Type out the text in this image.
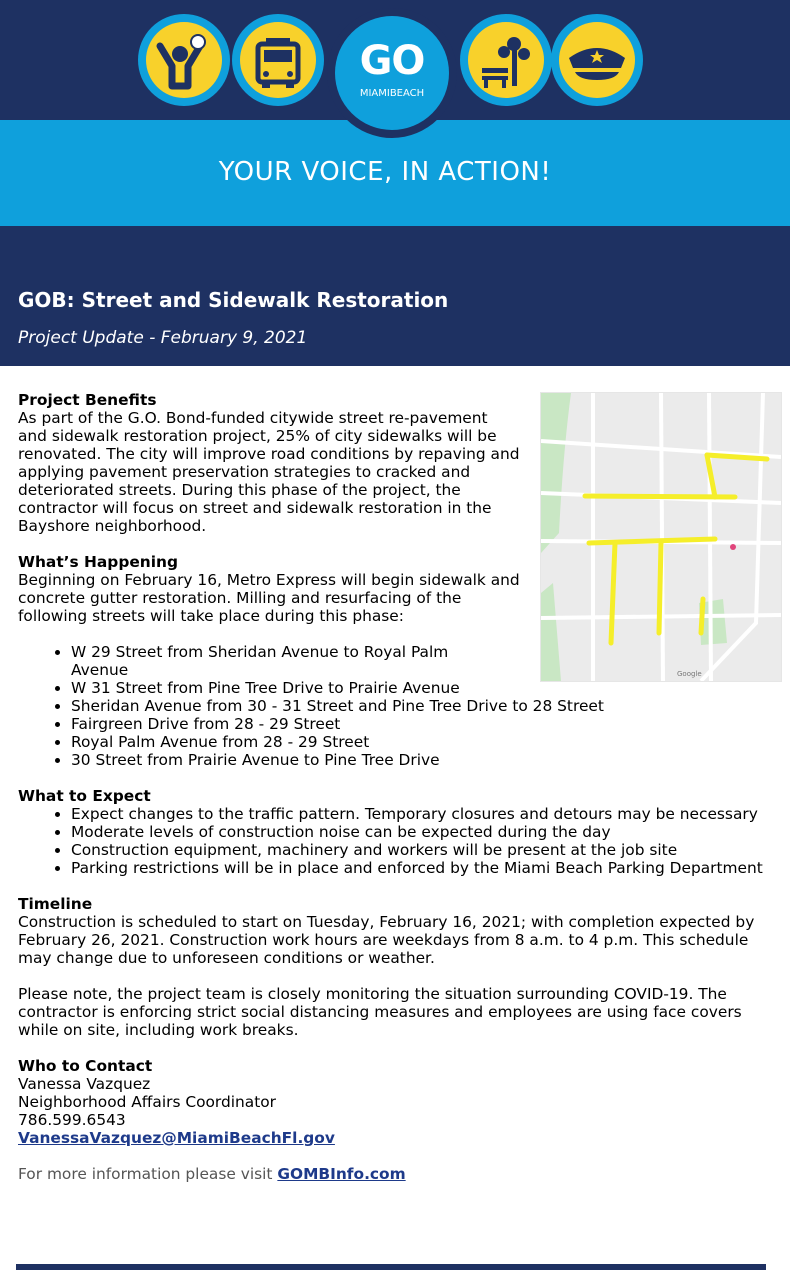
GO
MIAMIBEACH
YOUR VOICE, IN ACTION!
GOB: Street and Sidewalk Restoration

Project Update - February 9, 2021

Google

Project Benefits

As part of the G.O. Bond-funded citywide street re-pavement and sidewalk restoration project, 25% of city sidewalks will be renovated. The city will improve road conditions by repaving and applying pavement preservation strategies to cracked and deteriorated streets. During this phase of the project, the contractor will focus on street and sidewalk restoration in the Bayshore neighborhood.

What’s Happening

Beginning on February 16, Metro Express will begin sidewalk and concrete gutter restoration. Milling and resurfacing of the following streets will take place during this phase:

• W 29 Street from Sheridan Avenue to Royal Palm Avenue
• W 31 Street from Pine Tree Drive to Prairie Avenue
• Sheridan Avenue from 30 - 31 Street and Pine Tree Drive to 28 Street
• Fairgreen Drive from 28 - 29 Street
• Royal Palm Avenue from 28 - 29 Street
• 30 Street from Prairie Avenue to Pine Tree Drive

What to Expect

• Expect changes to the traffic pattern. Temporary closures and detours may be necessary
• Moderate levels of construction noise can be expected during the day
• Construction equipment, machinery and workers will be present at the job site
• Parking restrictions will be in place and enforced by the Miami Beach Parking Department

Timeline

Construction is scheduled to start on Tuesday, February 16, 2021; with completion expected by February 26, 2021. Construction work hours are weekdays from 8 a.m. to 4 p.m. This schedule may change due to unforeseen conditions or weather.

Please note, the project team is closely monitoring the situation surrounding COVID-19. The contractor is enforcing strict social distancing measures and employees are using face covers while on site, including work breaks.

Who to Contact

Vanessa Vazquez

Neighborhood Affairs Coordinator

786.599.6543

VanessaVazquez@MiamiBeachFl.gov

For more information please visit GOMBInfo.com
